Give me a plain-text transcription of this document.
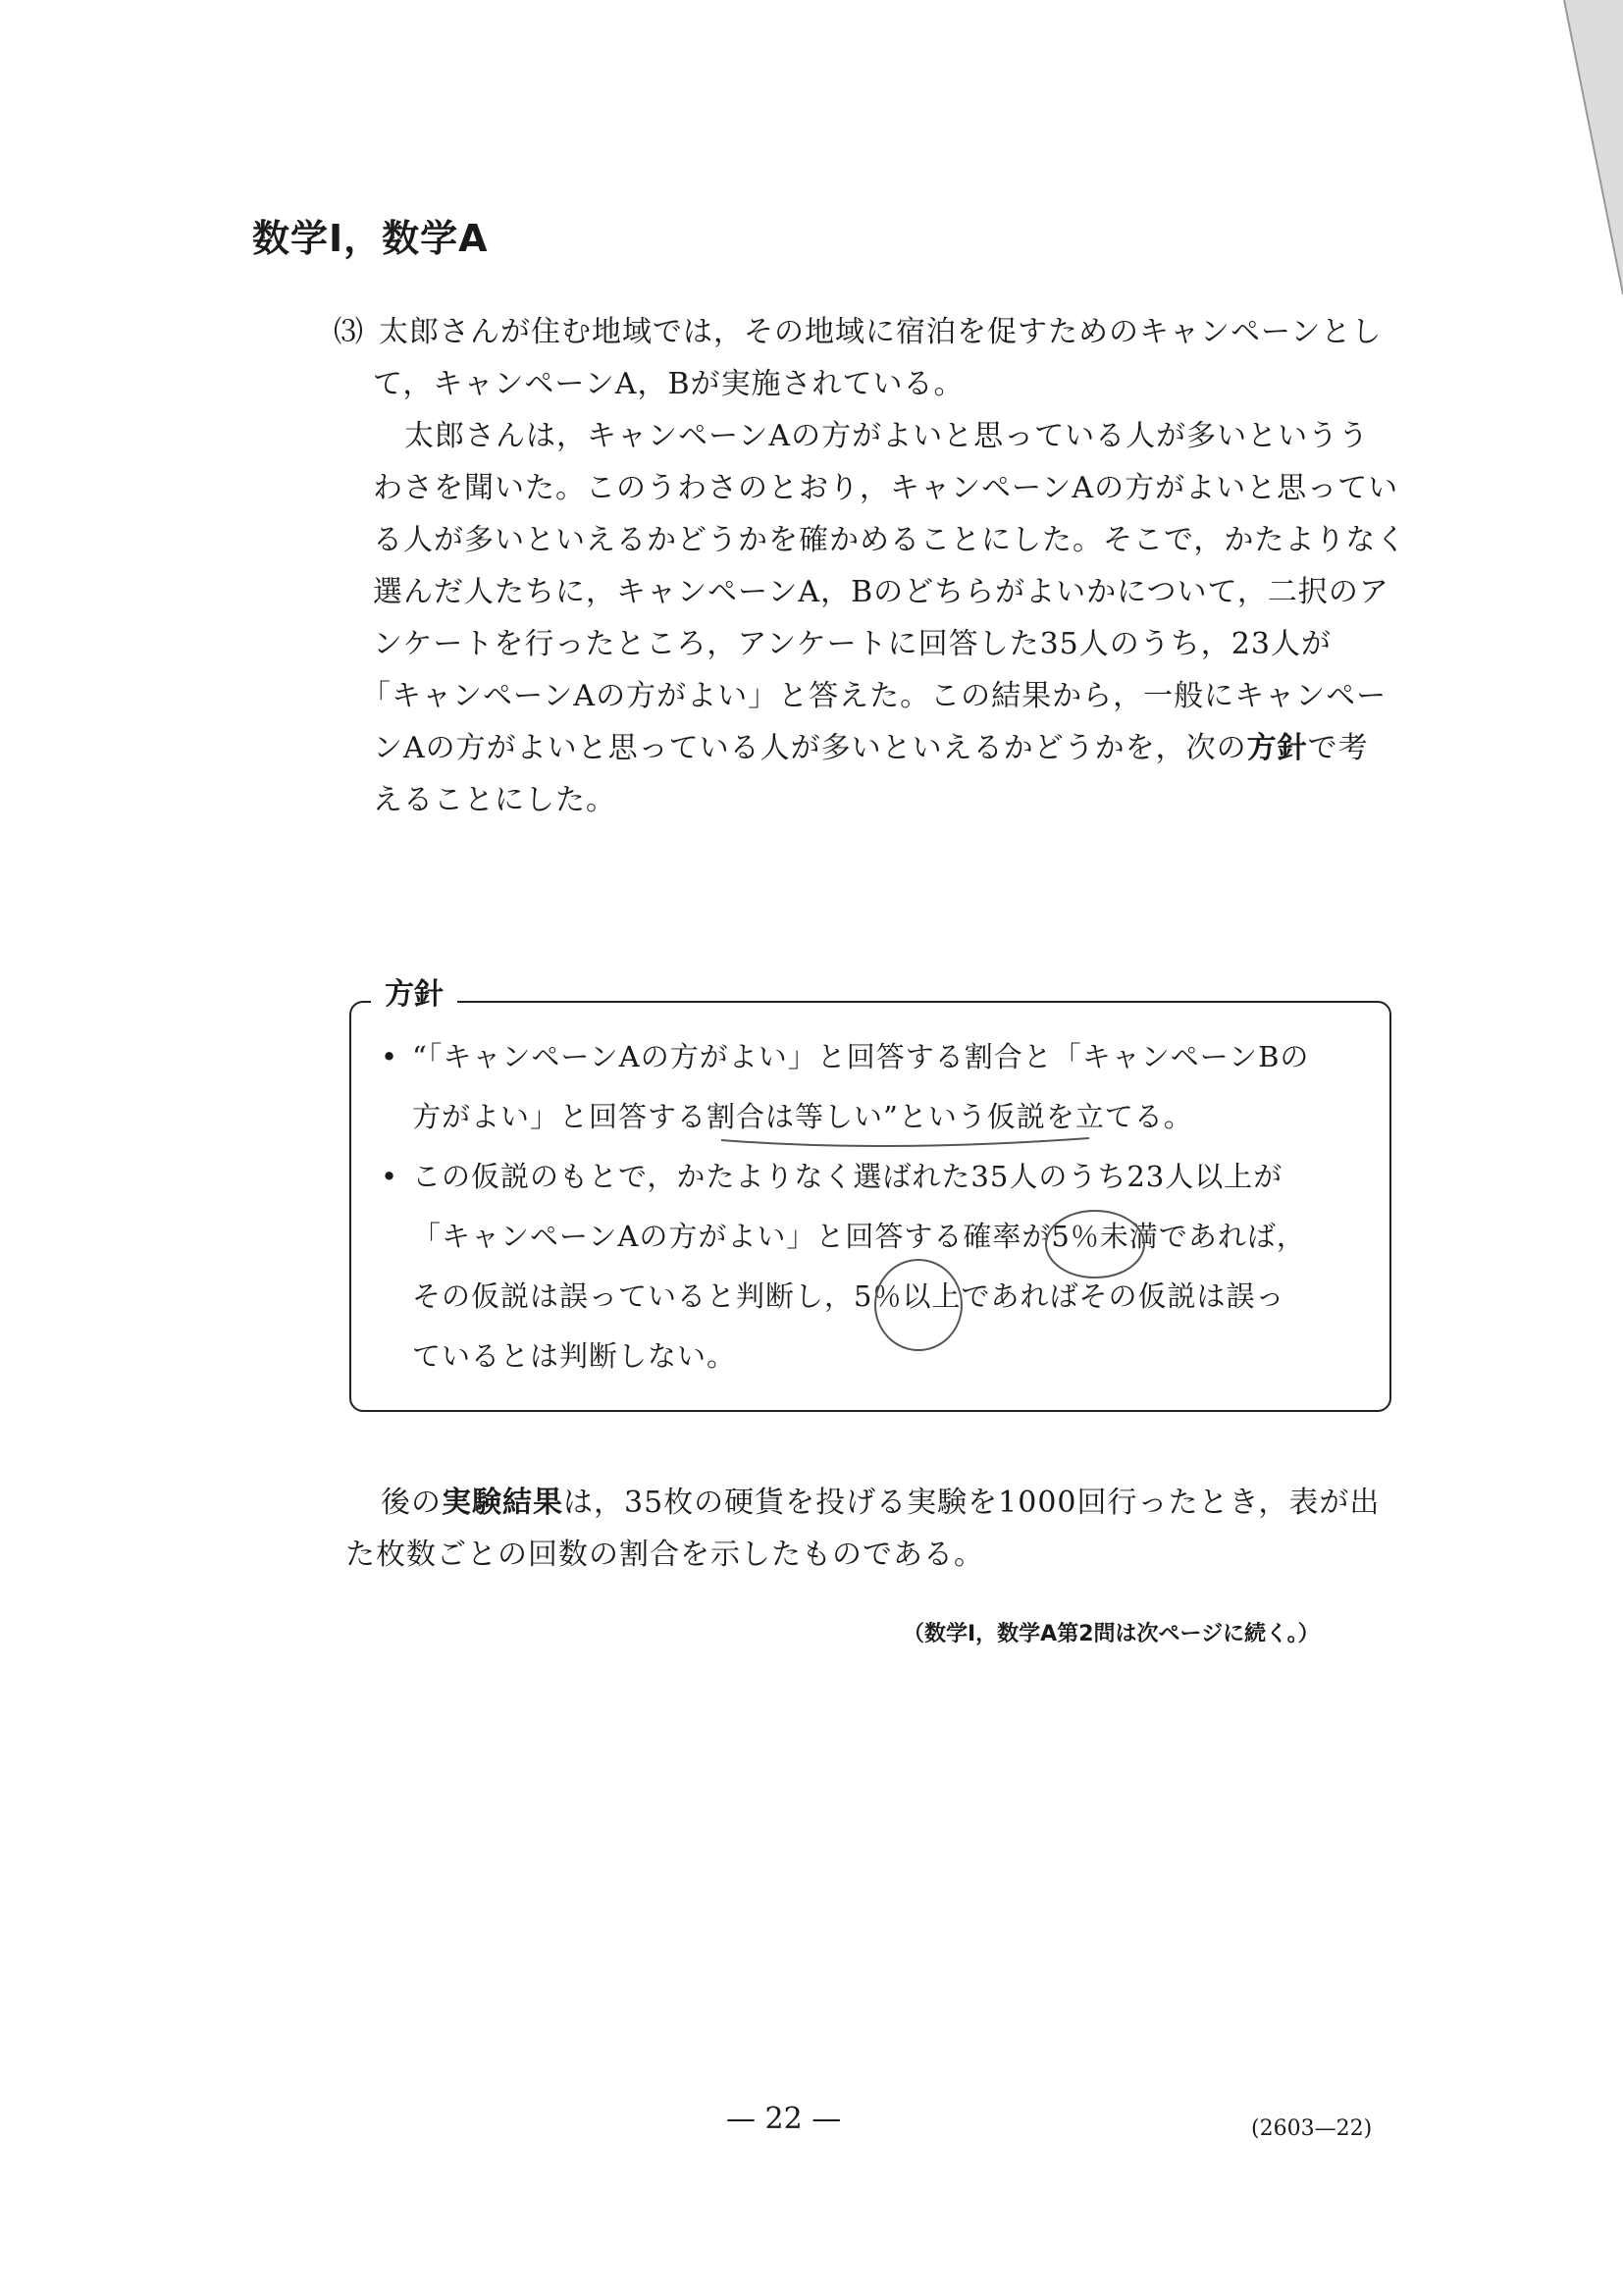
数学Ⅰ，数学A
⑶ 太郎さんが住む地域では，その地域に宿泊を促すためのキャンペーンとし
て，キャンペーンA，Bが実施されている。
太郎さんは，キャンペーンAの方がよいと思っている人が多いというう
わさを聞いた。このうわさのとおり，キャンペーンAの方がよいと思ってい
る人が多いといえるかどうかを確かめることにした。そこで，かたよりなく
選んだ人たちに，キャンペーンA，Bのどちらがよいかについて，二択のア
ンケートを行ったところ，アンケートに回答した35人のうち，23人が
「キャンペーンAの方がよい」と答えた。この結果から，一般にキャンペー
ンAの方がよいと思っている人が多いといえるかどうかを，次の方針で考
えることにした。
方針
• “「キャンペーンAの方がよい」と回答する割合と「キャンペーンBの
方がよい」と回答する割合は等しい”という仮説を立てる。
• この仮説のもとで，かたよりなく選ばれた35人のうち23人以上が
「キャンペーンAの方がよい」と回答する確率が5％未満であれば，
その仮説は誤っていると判断し，5％以上であればその仮説は誤っ
ているとは判断しない。
後の実験結果は，35枚の硬貨を投げる実験を1000回行ったとき，表が出
た枚数ごとの回数の割合を示したものである。
（数学Ⅰ，数学A第2問は次ページに続く。）
— 22 —	(2603—22)
